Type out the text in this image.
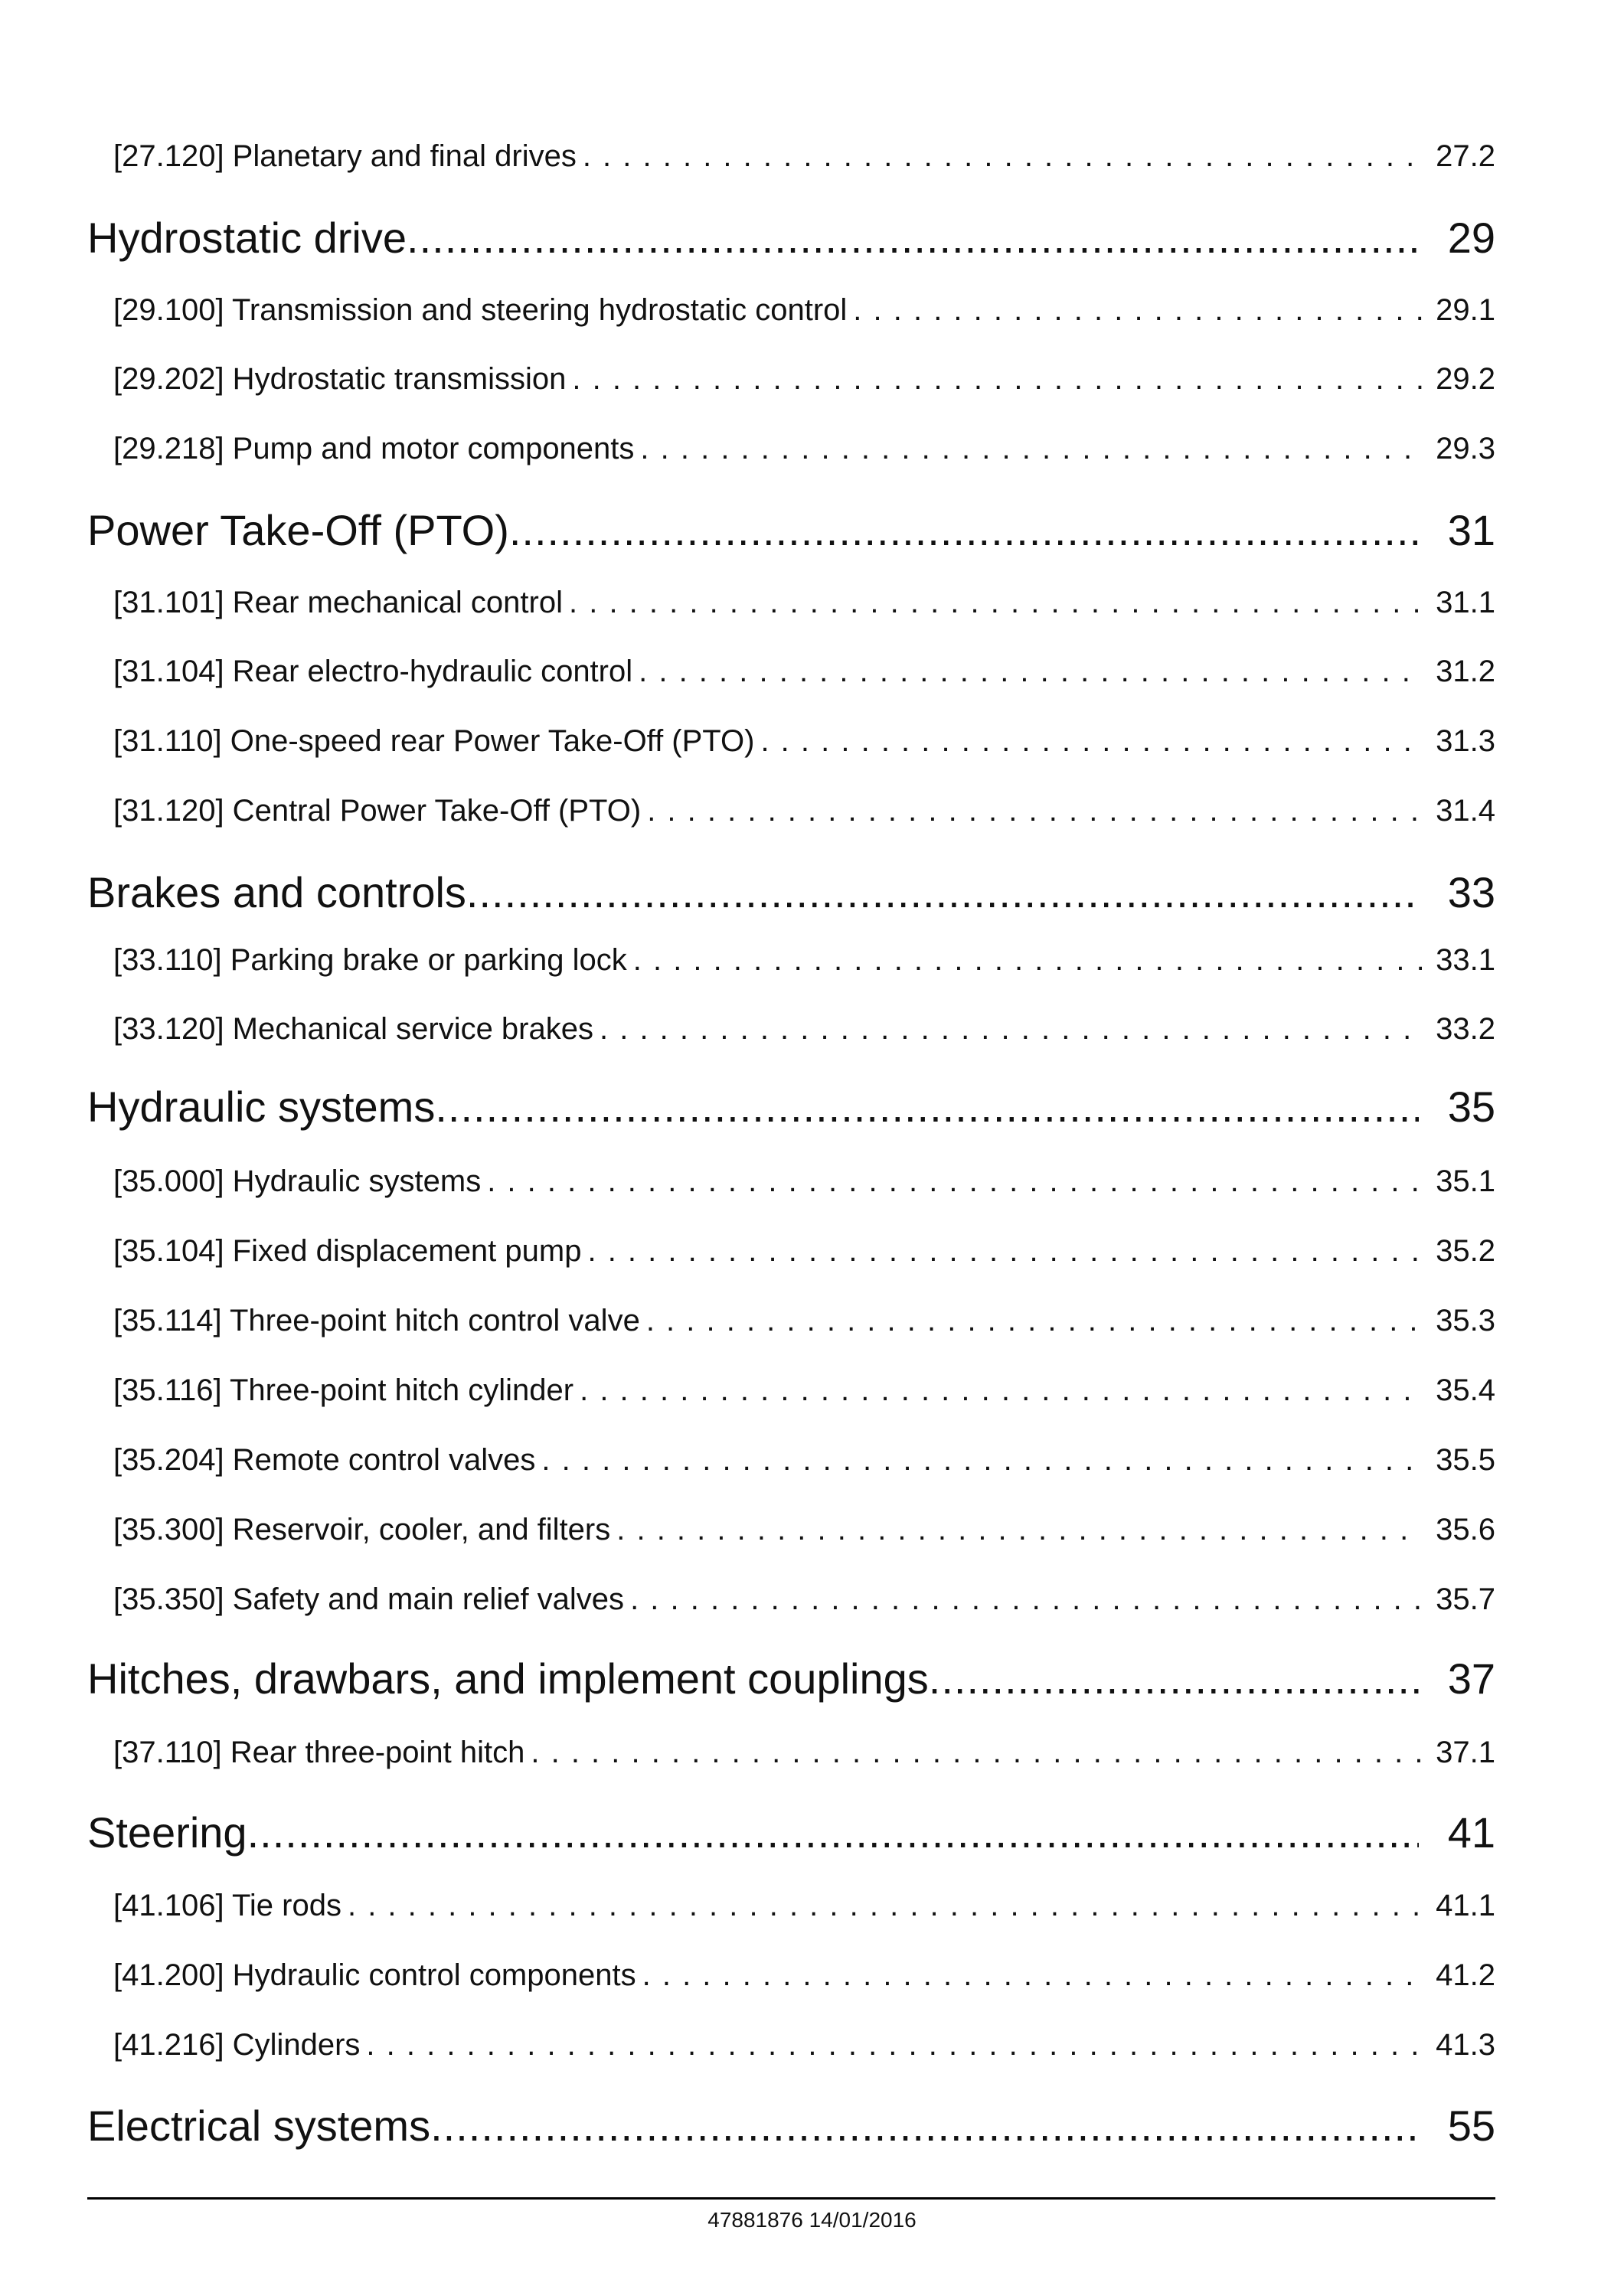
[27.120] Planetary and final drives . . .	27.2
Hydrostatic drive .....	29
[29.100] Transmission and steering hydrostatic control . . .	29.1
[29.202] Hydrostatic transmission . . .	29.2
[29.218] Pump and motor components . . .	29.3
Power Take-Off (PTO) .....	31
[31.101] Rear mechanical control . . .	31.1
[31.104] Rear electro-hydraulic control . . .	31.2
[31.110] One-speed rear Power Take-Off (PTO) . . .	31.3
[31.120] Central Power Take-Off (PTO) . . .	31.4
Brakes and controls .....	33
[33.110] Parking brake or parking lock . . .	33.1
[33.120] Mechanical service brakes . . .	33.2
Hydraulic systems .....	35
[35.000] Hydraulic systems . . .	35.1
[35.104] Fixed displacement pump . . .	35.2
[35.114] Three-point hitch control valve . . .	35.3
[35.116] Three-point hitch cylinder . . .	35.4
[35.204] Remote control valves . . .	35.5
[35.300] Reservoir, cooler, and filters . . .	35.6
[35.350] Safety and main relief valves . . .	35.7
Hitches, drawbars, and implement couplings .....	37
[37.110] Rear three-point hitch . . .	37.1
Steering .....	41
[41.106] Tie rods . . .	41.1
[41.200] Hydraulic control components . . .	41.2
[41.216] Cylinders . . .	41.3
Electrical systems .....	55
47881876 14/01/2016
